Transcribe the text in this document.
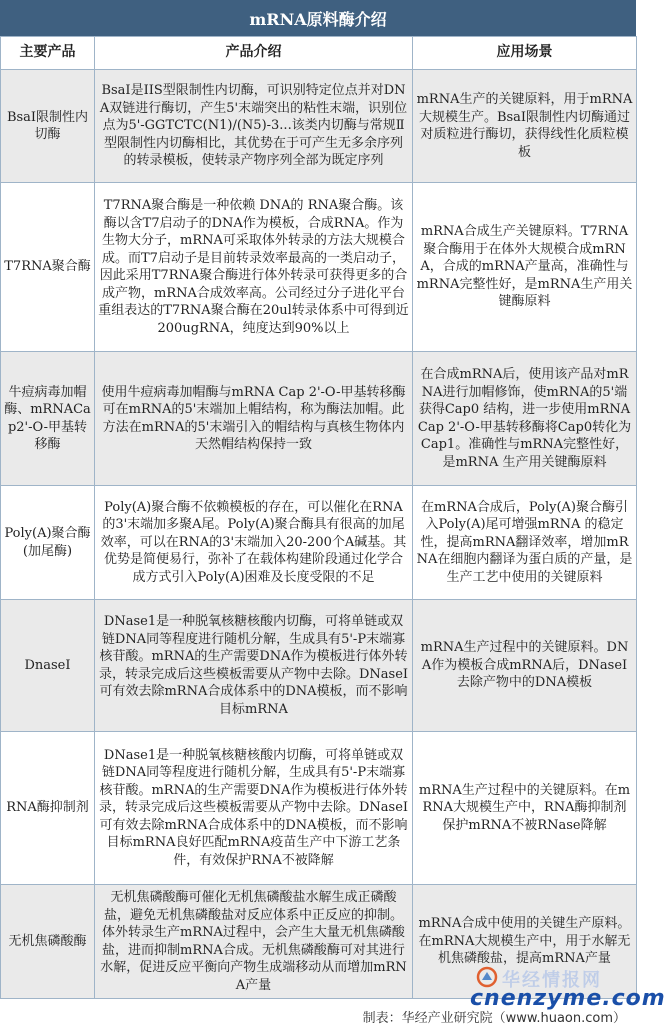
mRNA原料酶介绍
主要产品	产品介绍	应用场景
BsaI限制性内切酶	BsaI是IIS型限制性内切酶，可识别特定位点并对DNA双链进行酶切，产生5'末端突出的粘性末端，识别位点为5'-GGTCTC(N1)/(N5)-3...该类内切酶与常规Ⅱ型限制性内切酶相比，其优势在于可产生无多余序列的转录模板，使转录产物序列全部为既定序列	mRNA生产的关键原料，用于mRNA大规模生产。BsaI限制性内切酶通过对质粒进行酶切，获得线性化质粒模板
T7RNA聚合酶	T7RNA聚合酶是一种依赖 DNA的 RNA聚合酶。该酶以含T7启动子的DNA作为模板，合成RNA。作为生物大分子，mRNA可采取体外转录的方法大规模合成。而T7启动子是目前转录效率最高的一类启动子，因此采用T7RNA聚合酶进行体外转录可获得更多的合成产物，mRNA合成效率高。公司经过分子进化平台重组表达的T7RNA聚合酶在20ul转录体系中可得到近200ugRNA，纯度达到90%以上	mRNA合成生产关键原料。T7RNA聚合酶用于在体外大规模合成mRNA，合成的mRNA产量高，准确性与mRNA完整性好，是mRNA生产用关键酶原料
牛痘病毒加帽酶、mRNACap2'-O-甲基转移酶	使用牛痘病毒加帽酶与mRNA Cap 2'-O-甲基转移酶可在mRNA的5'末端加上帽结构，称为酶法加帽。此方法在mRNA的5'末端引入的帽结构与真核生物体内天然帽结构保持一致	在合成mRNA后，使用该产品对mRNA进行加帽修饰，使mRNA的5'端获得Cap0 结构，进一步使用mRNA Cap 2'-O-甲基转移酶将Cap0转化为Cap1。准确性与mRNA完整性好，是mRNA 生产用关键酶原料
Poly(A)聚合酶(加尾酶)	Poly(A)聚合酶不依赖模板的存在，可以催化在RNA的3'末端加多聚A尾。Poly(A)聚合酶具有很高的加尾效率，可以在RNA的3'末端加入20-200个A碱基。其优势是简便易行，弥补了在载体构建阶段通过化学合成方式引入Poly(A)困难及长度受限的不足	在mRNA合成后，Poly(A)聚合酶引入Poly(A)尾可增强mRNA 的稳定性，提高mRNA翻译效率，增加mRNA在细胞内翻译为蛋白质的产量，是生产工艺中使用的关键原料
DnaseI	DNase1是一种脱氧核糖核酸内切酶，可将单链或双链DNA同等程度进行随机分解，生成具有5'-P末端寡核苷酸。mRNA的生产需要DNA作为模板进行体外转录，转录完成后这些模板需要从产物中去除。DNaseI可有效去除mRNA合成体系中的DNA模板，而不影响目标mRNA	mRNA生产过程中的关键原料。DNA作为模板合成mRNA后，DNaseI去除产物中的DNA模板
RNA酶抑制剂	DNase1是一种脱氧核糖核酸内切酶，可将单链或双链DNA同等程度进行随机分解，生成具有5'-P末端寡核苷酸。mRNA的生产需要DNA作为模板进行体外转录，转录完成后这些模板需要从产物中去除。DNaseI可有效去除mRNA合成体系中的DNA模板，而不影响目标mRNA良好匹配mRNA疫苗生产中下游工艺条件，有效保护RNA不被降解	mRNA生产过程中的关键原料。在mRNA大规模生产中，RNA酶抑制剂保护mRNA不被RNase降解
无机焦磷酸酶	无机焦磷酸酶可催化无机焦磷酸盐水解生成正磷酸盐，避免无机焦磷酸盐对反应体系中正反应的抑制。体外转录生产mRNA过程中，会产生大量无机焦磷酸盐，进而抑制mRNA合成。无机焦磷酸酶可对其进行水解，促进反应平衡向产物生成端移动从而增加mRNA产量	mRNA合成中使用的关键生产原料。在mRNA大规模生产中，用于水解无机焦磷酸盐，提高mRNA产量
制表：华经产业研究院（www.huaon.com）
华经情报网
cnenzyme.com
